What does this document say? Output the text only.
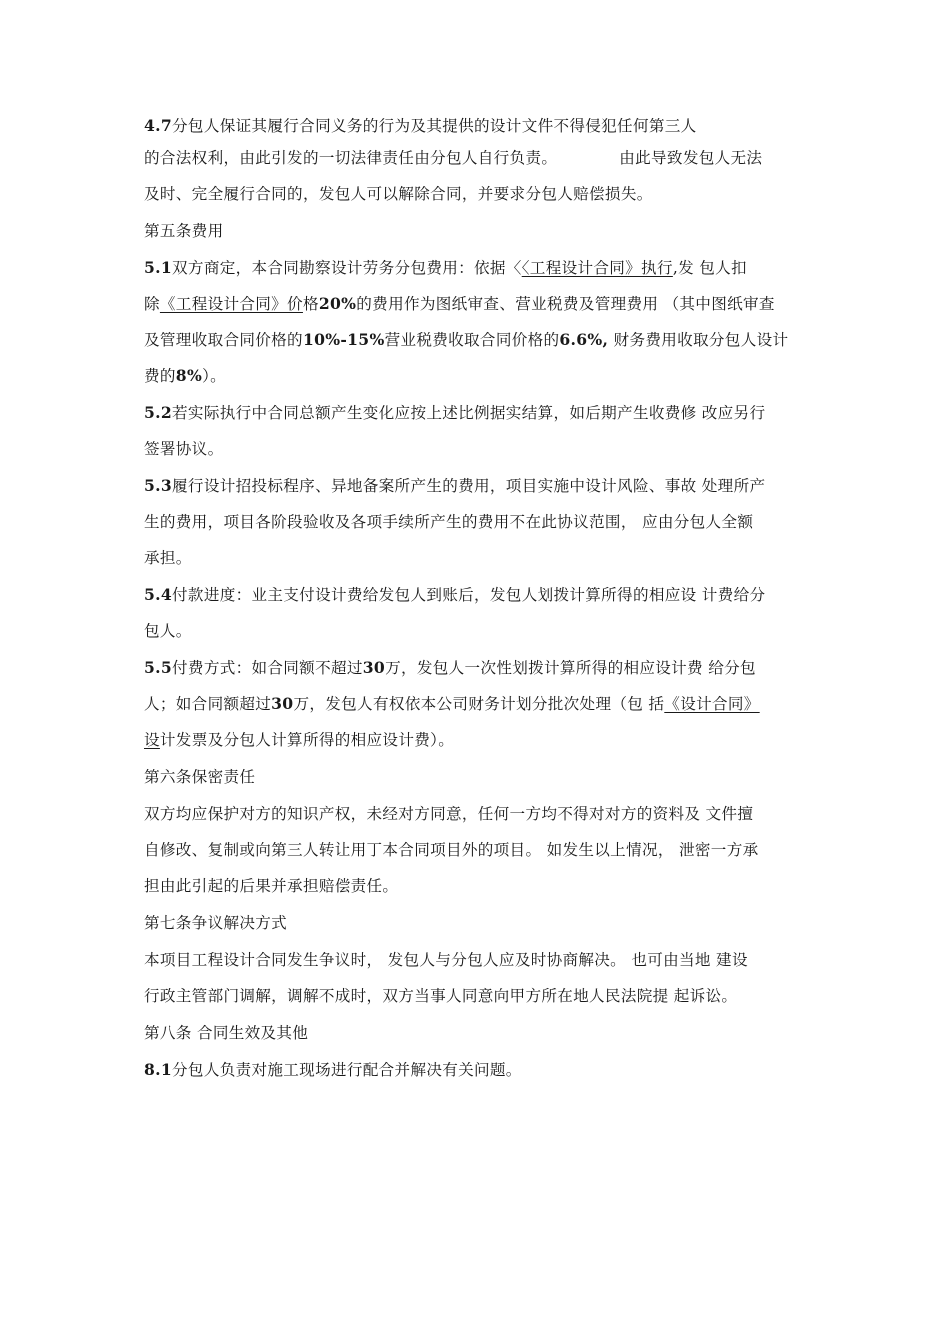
4.7分包人保证其履行合同义务的行为及其提供的设计文件不得侵犯任何第三人
的合法权利，由此引发的一切法律责任由分包人自行负责。	由此导致发包人无法
及时、完全履行合同的，发包人可以解除合同，并要求分包人赔偿损失。
第五条费用
5.1双方商定，本合同勘察设计劳务分包费用：依据〈〈工程设计合同》执行,发 包人扣
除《工程设计合同》价格20%的费用作为图纸审查、营业税费及管理费用 （其中图纸审查
及管理收取合同价格的10%-15%营业税费收取合同价格的6.6%, 财务费用收取分包人设计
费的8%）。
5.2若实际执行中合同总额产生变化应按上述比例据实结算，如后期产生收费修 改应另行
签署协议。
5.3履行设计招投标程序、异地备案所产生的费用，项目实施中设计风险、事故 处理所产
生的费用，项目各阶段验收及各项手续所产生的费用不在此协议范围， 应由分包人全额
承担。
5.4付款进度：业主支付设计费给发包人到账后，发包人划拨计算所得的相应设 计费给分
包人。
5.5付费方式：如合同额不超过30万，发包人一次性划拨计算所得的相应设计费 给分包
人；如合同额超过30万，发包人有权依本公司财务计划分批次处理（包 括《设计合同》
设计发票及分包人计算所得的相应设计费）。
第六条保密责任
双方均应保护对方的知识产权，未经对方同意，任何一方均不得对对方的资料及 文件擅
自修改、复制或向第三人转让用丁本合同项目外的项目。 如发生以上情况， 泄密一方承
担由此引起的后果并承担赔偿责任。
第七条争议解决方式
本项目工程设计合同发生争议时， 发包人与分包人应及时协商解决。 也可由当地 建设
行政主管部门调解，调解不成时，双方当事人同意向甲方所在地人民法院提 起诉讼。
第八条 合同生效及其他
8.1分包人负责对施工现场进行配合并解决有关问题。
